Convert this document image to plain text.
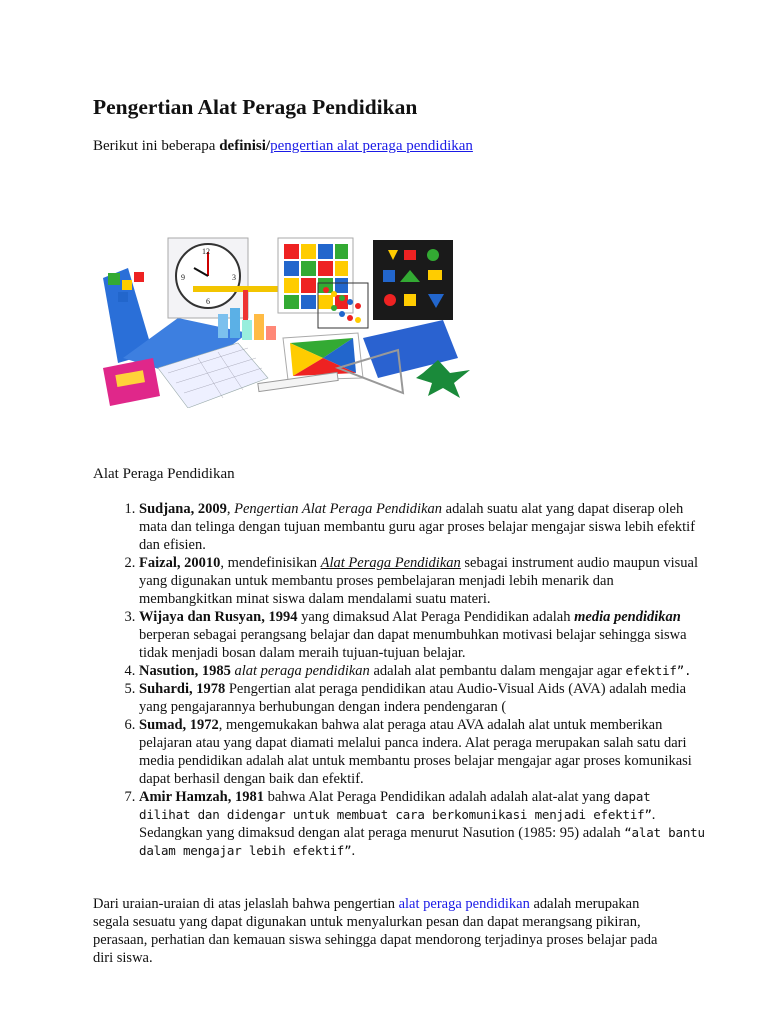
Pengertian Alat Peraga Pendidikan

Berikut ini beberapa definisi/pengertian alat peraga pendidikan

12
3
6
9

Alat Peraga Pendidikan

1. Sudjana, 2009, Pengertian Alat Peraga Pendidikan adalah suatu alat yang dapat diserap oleh mata dan telinga dengan tujuan membantu guru agar proses belajar mengajar siswa lebih efektif dan efisien.
2. Faizal, 20010, mendefinisikan Alat Peraga Pendidikan sebagai instrument audio maupun visual yang digunakan untuk membantu proses pembelajaran menjadi lebih menarik dan membangkitkan minat siswa dalam mendalami suatu materi.
3. Wijaya dan Rusyan, 1994 yang dimaksud Alat Peraga Pendidikan adalah media pendidikan berperan sebagai perangsang belajar dan dapat menumbuhkan motivasi belajar sehingga siswa tidak menjadi bosan dalam meraih tujuan-tujuan belajar.
4. Nasution, 1985 alat peraga pendidikan adalah alat pembantu dalam mengajar agar efektif”.
5. Suhardi, 1978 Pengertian alat peraga pendidikan atau Audio-Visual Aids (AVA) adalah media yang pengajarannya berhubungan dengan indera pendengaran (
6. Sumad, 1972, mengemukakan bahwa alat peraga atau AVA adalah alat untuk memberikan pelajaran atau yang dapat diamati melalui panca indera. Alat peraga merupakan salah satu dari media pendidikan adalah alat untuk membantu proses belajar mengajar agar proses komunikasi dapat berhasil dengan baik dan efektif.
7. Amir Hamzah, 1981 bahwa Alat Peraga Pendidikan adalah adalah alat-alat yang dapat dilihat dan didengar untuk membuat cara berkomunikasi menjadi efektif”. Sedangkan yang dimaksud dengan alat peraga menurut Nasution (1985: 95) adalah “alat bantu dalam mengajar lebih efektif”.

Dari uraian-uraian di atas jelaslah bahwa pengertian alat peraga pendidikan adalah merupakan segala sesuatu yang dapat digunakan untuk menyalurkan pesan dan dapat merangsang pikiran, perasaan, perhatian dan kemauan siswa sehingga dapat mendorong terjadinya proses belajar pada diri siswa.
